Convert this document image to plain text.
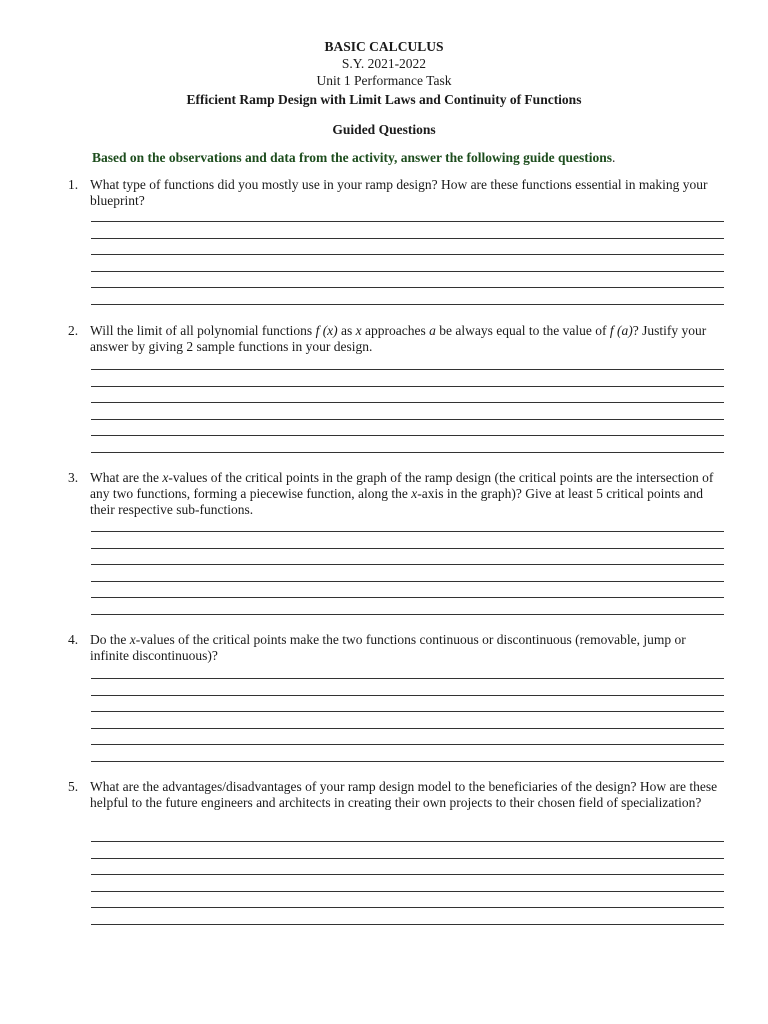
BASIC CALCULUS
S.Y. 2021-2022
Unit 1 Performance Task
Efficient Ramp Design with Limit Laws and Continuity of Functions
Guided Questions
Based on the observations and data from the activity, answer the following guide questions.
1. What type of functions did you mostly use in your ramp design? How are these functions essential in making your blueprint?
2. Will the limit of all polynomial functions f (x) as x approaches a be always equal to the value of f (a)? Justify your answer by giving 2 sample functions in your design.
3. What are the x-values of the critical points in the graph of the ramp design (the critical points are the intersection of any two functions, forming a piecewise function, along the x-axis in the graph)? Give at least 5 critical points and their respective sub-functions.
4. Do the x-values of the critical points make the two functions continuous or discontinuous (removable, jump or infinite discontinuous)?
5. What are the advantages/disadvantages of your ramp design model to the beneficiaries of the design? How are these helpful to the future engineers and architects in creating their own projects to their chosen field of specialization?
